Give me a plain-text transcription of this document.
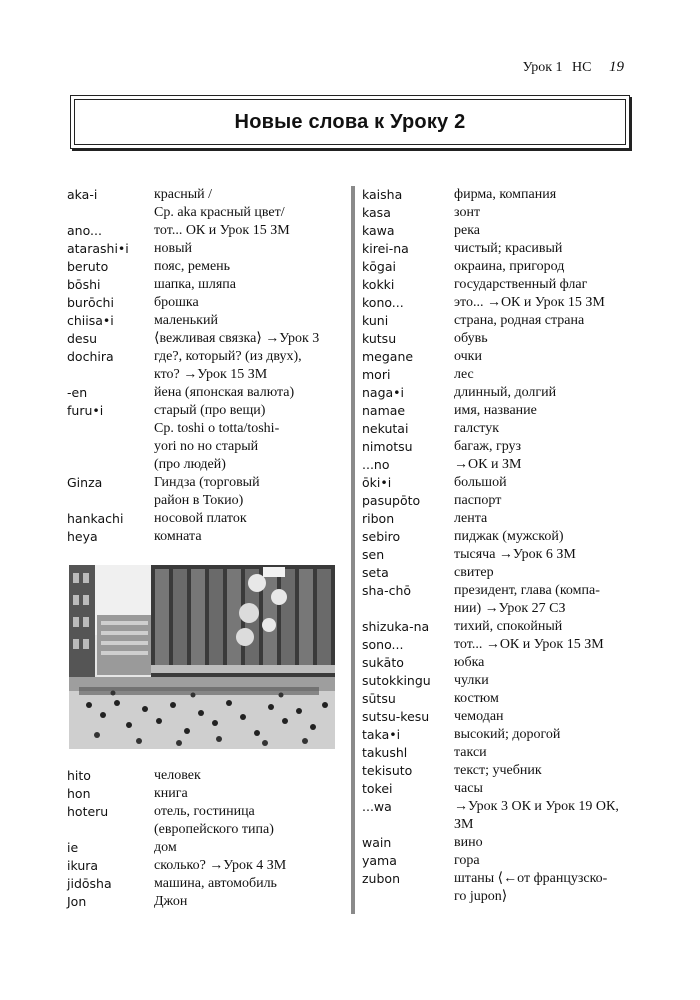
Урок 1 НС 19
Новые слова к Уроку 2
aka-i	красный /
Ср. aka красный цвет/
ano...	тот... ОК и Урок 15 ЗМ
atarashi•i	новый
beruto	пояс, ремень
bōshi	шапка, шляпа
burōchi	брошка
chiisa•i	маленький
desu	⟨вежливая связка⟩ →Урок 3
dochira	где?, который? (из двух),
кто? →Урок 15 ЗМ
-en	йена (японская валюта)
furu•i	старый (про вещи)
Ср. toshi o totta/toshi-
yori no но старый
(про людей)
Ginza	Гиндза (торговый
район в Токио)
hankachi	носовой платок
heya	комната
hito	человек
hon	книга
hoteru	отель, гостиница
(европейского типа)
ie	дом
ikura	сколько? →Урок 4 ЗМ
jidōsha	машина, автомобиль
Jon	Джон
kaisha	фирма, компания
kasa	зонт
kawa	река
kirei-na	чистый; красивый
kōgai	окраина, пригород
kokki	государственный флаг
kono...	это... →ОК и Урок 15 ЗМ
kuni	страна, родная страна
kutsu	обувь
megane	очки
mori	лес
naga•i	длинный, долгий
namae	имя, название
nekutai	галстук
nimotsu	багаж, груз
...no	→ОК и ЗМ
ōki•i	большой
pasupōto	паспорт
ribon	лента
sebiro	пиджак (мужской)
sen	тысяча →Урок 6 ЗМ
seta	свитер
sha-chō	президент, глава (компа-
нии) →Урок 27 СЗ
shizuka-na	тихий, спокойный
sono...	тот... →ОК и Урок 15 ЗМ
sukāto	юбка
sutokkingu	чулки
sūtsu	костюм
sutsu-kesu	чемодан
taka•i	высокий; дорогой
takushl	такси
tekisuto	текст; учебник
tokei	часы
...wa	→Урок 3 ОК и Урок 19 ОК,
ЗМ
wain	вино
yama	гора
zubon	штаны ⟨←от французско-
го jupon⟩
